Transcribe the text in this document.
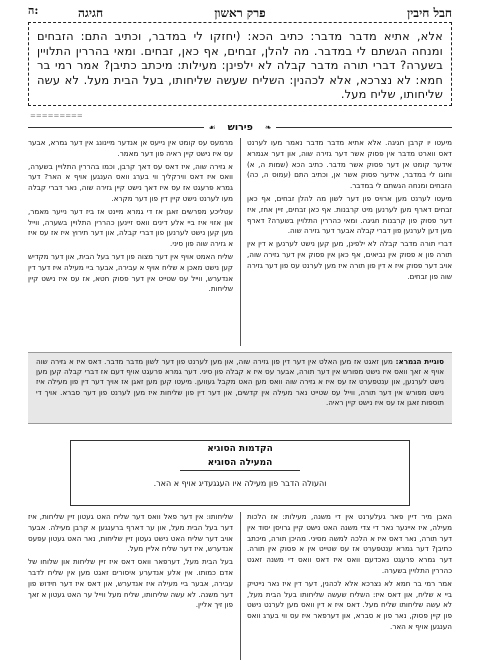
חבל חיבין
פרק ראשון
חגיגה
ה:
אלא, אתיא מדבר מדבר: כתיב הכא: (יחזקו לי במדבר, וכתיב התם: הזבחים ומנחה הגשתם לי במדבר. מה להלן, זבחים, אף כאן, זבחים. ומאי בהררין התלויין בשערה? דברי תורה מדבר קבלה לא ילפינן: מעילות: מיכתב כתיבן? אמר רמי בר חמא: לא נצרכא, אלא לכהנין: השליח שעשה שליחותו, בעל הבית מעל. לא עשה שליחותו, שליח מעל.
=========
❧
פירוש
☙

מיעטו יו קרבן חגיגה. אלא אתיא מדבר מדבר נאמר מעו לערנט דאס ווארט מדבר אין פסוק אשר דער גזירה שוה, און דער אגמרא אידער קומט אן דער פסוק אשר מדבר. כתיב הכא (שמות ה, א) וחוגו לי במדבר, אידער פסוק אשר אן, וכתיב התם (עמוס ה, כה) הזבחים ומנחה הגשתם לי במדבר.

מיעטו לערנט מען ארויס פון דער לשון מה להלן זבחים, אף כאן זבחים דארף מען לערנען מיט קרבנות. אף כאן זבחים, זיין אחז, איז דער פסוק פון קרבנות חגיגה. ומאי כהררין התלויין בשערה? דארף מען דען לערנען פון דברי קבלה אבער דער גזירה שוה.

דברי תורה מדבר קבלה לא ילפינן, מען קען נישט לערנען א דין אין תורה פון א פסוק אין נביאים, אף כאן אין פסוק אין דער גזירה שוה, אויב דער פסוק איז א דין פון תורה איז מען לערנט עס פון דער גזירה שוה פון זבחים.

מרמעס עס קומט אין נייעס אן אנדער מיינונג אין דער גמרא, אבער עס איז נישט קיין ראיה פון דער מאמר.

א גזירה שוה, איז דאס עס דאך קרבן, וכמו בהררין התלויין בשערה, וואס איז דאס ווירקליך ווי בערג וואס הענגען אויף א האר? דער גמרא פרעגט אז עס איז דאך נישט קיין גזירה שוה, נאר דברי קבלה מעו לערנט נישט קיין דין פון דער מקרא.

עטליכע מפרשים זאגן אז די גמרא מיינט אז ביז דער נייער מאמר, און אזוי איז ביי אלע דינים וואס זיינען כהררין התלויין בשערה, ווייל מען קען נישט לערנען פון דברי קבלה, און דער תירוץ איז אז עס איז א גזירה שוה פון סיני.

שליח האמט אויף אין דער מצוה פון דער בעל הבית, און דער מקדיש קען נישט מאכן א שליח אויף א עבירה, אבער ביי מעילה איז דער דין אנדערש, ווייל עס שטייט אין דער פסוק חטא, אז עס איז נישט קיין שליחות.

סוגיית הגמרא: מען זאגט אז מען האלט אין דער דין פון גזירה שוה, און מען לערנט פון דער לשון מדבר מדבר. דאס איז א גזירה שוה אויף א זאך וואס איז נישט מפורש אין דער תורה, אבער עס איז א קבלה פון סיני. דער גמרא פרעגט אויף דעם אז דברי קבלה קען מען נישט לערנען, און ענטפערט אז עס איז א גזירה שוה וואס מען האט מקבל געווען. מיעטו קען מען זאגן אז אויך דער דין פון מעילה איז נישט מפורש אין דער תורה, ווייל עס שטייט נאר מעילה אין קדשים, און דער דין פון שליחות איז מען לערנט פון דער סברא. אויך די תוספות זאגן אז עס איז נישט קיין ראיה.
הקדמות הסוגיא
המעילה הסוגיא
והעולה הדבר פון מעילה איו העגגעדיג אויף א האר.

האבן מיר דיין פאר געלערנט אין די משנה, מעילות: אז הלכות מעילה, איז איינער נאר די צדי משנה האט נישט קיין גרויסן יסוד אין דער תורה, נאר דאס איז א הלכה למשה מסיני. מהיכן תורה, מיכתב כתיבן? דער גמרא ענטפערט אז עס שטייט אין א פסוק אין תורה. דער גמרא פרעגט נאכדעם וואס איז דאס וואס די משנה זאגט כהררין התלויין בשערה.

אמר רמי בר חמא לא נצרכא אלא לכהנין, דער דין איז נאר נייטיק ביי א שליח, און דאס איז: השליח שעשה שליחותו בעל הבית מעל, לא עשה שליחותו שליח מעל. דאס איז א דין וואס מען לערנט נישט פון קיין פסוק, נאר פון א סברא, און דערפאר איז עס ווי בערג וואס הענגען אויף א האר.

שליחותו: אין דער פאל וואס דער שליח האט געטון זיין שליחות, איז דער בעל הבית מעל, און ער דארף ברענגען א קרבן מעילה. אבער אויב דער שליח האט נישט געטון זיין שליחות, נאר האט געטון עפעס אנדערש, איז דער שליח אליין מעל.

בעל הבית מעל, דערפאר וואס דאס איז זיין שליחות און שלוחו של אדם כמותו. אין אלע אנדערע איסורים זאגט מען אין שליח לדבר עבירה, אבער ביי מעילה איז אנדערש, און דאס איז דער חידוש פון דער משנה. לא עשה שליחותו, שליח מעל ווייל ער האט געטון א זאך פון זיך אליין.
